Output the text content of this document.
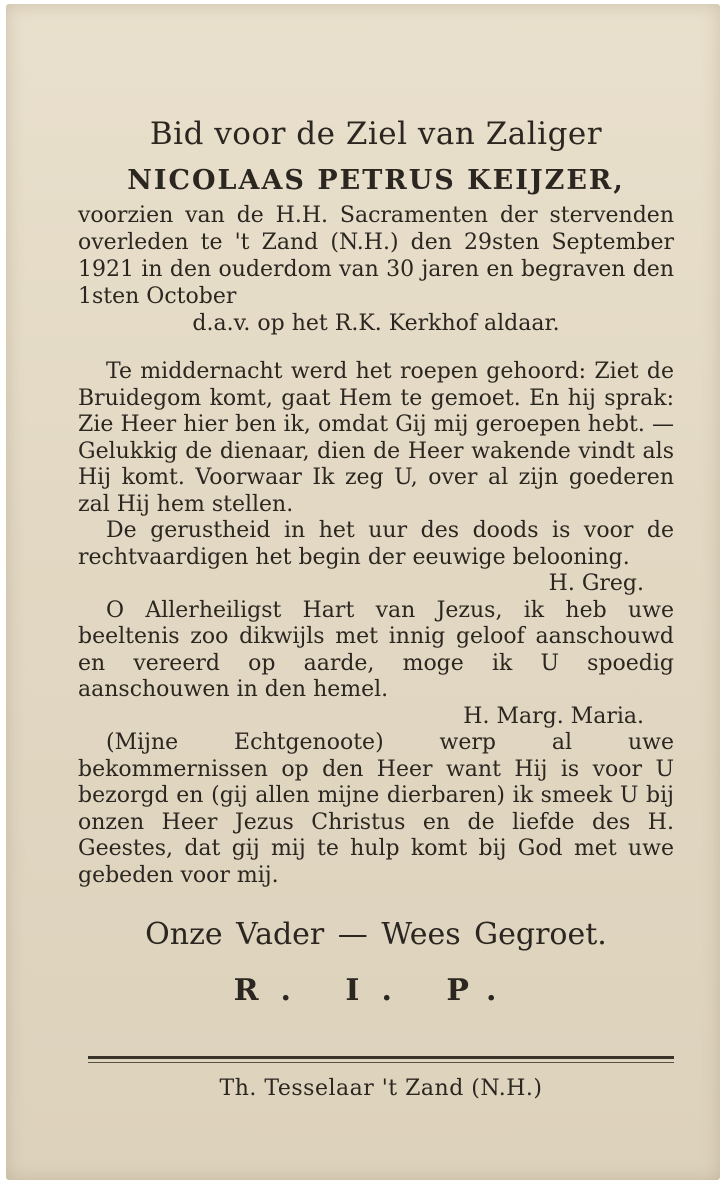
Bid voor de Ziel van Zaliger

NICOLAAS PETRUS KEIJZER,

voorzien van de H.H. Sacramenten der stervenden overleden te 't Zand (N.H.) den 29sten September 1921 in den ouderdom van 30 jaren en begraven den 1sten October
d.a.v. op het R.K. Kerkhof aldaar.

Te middernacht werd het roepen gehoord: Ziet de Bruidegom komt, gaat Hem te gemoet. En hij sprak: Zie Heer hier ben ik, omdat Gij mij geroepen hebt. — Gelukkig de dienaar, dien de Heer wakende vindt als Hij komt. Voorwaar Ik zeg U, over al zijn goederen zal Hij hem stellen.

De gerustheid in het uur des doods is voor de rechtvaardigen het begin der eeuwige belooning.

H. Greg.

O Allerheiligst Hart van Jezus, ik heb uwe beeltenis zoo dikwijls met innig geloof aanschouwd en vereerd op aarde, moge ik U spoedig aanschouwen in den hemel.

H. Marg. Maria.

(Mijne Echtgenoote) werp al uwe bekommernissen op den Heer want Hij is voor U bezorgd en (gij allen mijne dierbaren) ik smeek U bij onzen Heer Jezus Christus en de liefde des H. Geestes, dat gij mij te hulp komt bij God met uwe gebeden voor mij.

Onze Vader — Wees Gegroet.

R. I. P.

Th. Tesselaar 't Zand (N.H.)
